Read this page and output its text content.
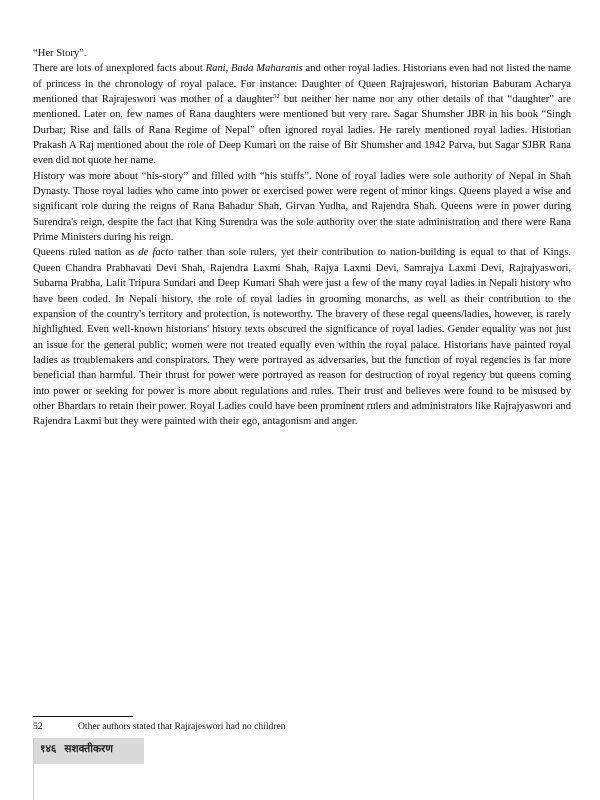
“Her Story”.

There are lots of unexplored facts about Rani, Bada Maharanis and other royal ladies. Historians even had not listed the name of princess in the chronology of royal palace. For instance: Daughter of Queen Rajrajeswori, historian Baburam Acharya mentioned that Rajrajeswori was mother of a daughter$^{52}$ but neither her name nor any other details of that “daughter” are mentioned. Later on, few names of Rana daughters were mentioned but very rare. Sagar Shumsher JBR in his book “Singh Durbar; Rise and falls of Rana Regime of Nepal” often ignored royal ladies. He rarely mentioned royal ladies. Historian Prakash A Raj mentioned about the role of Deep Kumari on the raise of Bir Shumsher and 1942 Parva, but Sagar SJBR Rana even did not quote her name.

History was more about “his-story” and filled with “his stuffs”. None of royal ladies were sole authority of Nepal in Shah Dynasty. Those royal ladies who came into power or exercised power were regent of minor kings. Queens played a wise and significant role during the reigns of Rana Bahadur Shah, Girvan Yudha, and Rajendra Shah. Queens were in power during Surendra's reign, despite the fact that King Surendra was the sole authority over the state administration and there were Rana Prime Ministers during his reign.

Queens ruled nation as de facto rather than sole rulers, yet their contribution to nation-building is equal to that of Kings. Queen Chandra Prabhavati Devi Shah, Rajendra Laxmi Shah, Rajya Laxmi Devi, Samrajya Laxmi Devi, Rajrajyaswori, Subarna Prabha, Lalit Tripura Sundari and Deep Kumari Shah were just a few of the many royal ladies in Nepali history who have been coded. In Nepali history, the role of royal ladies in grooming monarchs, as well as their contribution to the expansion of the country's territory and protection, is noteworthy. The bravery of these regal queens/ladies, however, is rarely highlighted. Even well-known historians' history texts obscured the significance of royal ladies. Gender equality was not just an issue for the general public; women were not treated equally even within the royal palace. Historians have painted royal ladies as troublemakers and conspirators. They were portrayed as adversaries, but the function of royal regencies is far more beneficial than harmful. Their thrust for power were portrayed as reason for destruction of royal regency but queens coming into power or seeking for power is more about regulations and rules. Their trust and believes were found to be misused by other Bhardars to retain their power. Royal Ladies could have been prominent rulers and administrators like Rajrajyaswori and Rajendra Laxmi but they were painted with their ego, antagonism and anger.

52	Other authors stated that Rajrajeswori had no children
१४६ सशक्तीकरण
